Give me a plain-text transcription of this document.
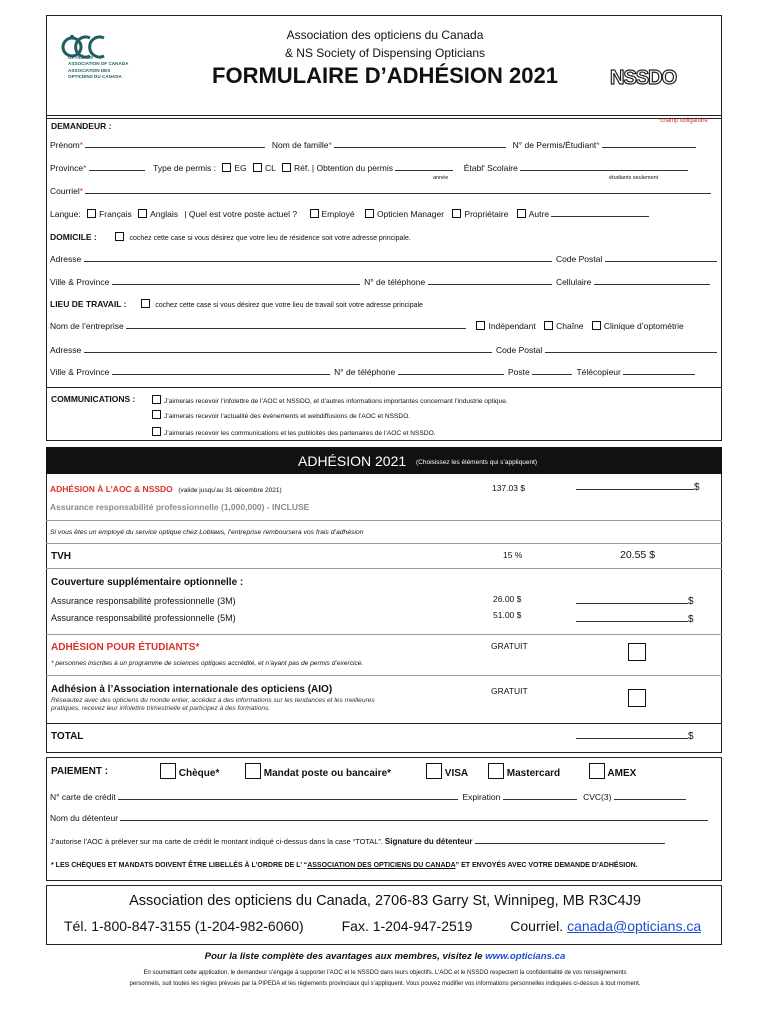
OPTICIANS
ASSOCIATION OF CANADA
ASSOCIATION DES
OPTICIENS DU CANADA
Association des opticiens du Canada
& NS Society of Dispensing Opticians
FORMULAIRE D’ADHÉSION 2021	NSSDO
DEMANDEUR :	*champ obligatoire
Prénom*	Nom de famille*	N° de Permis/Étudiant*
Province*	Type de permis : EG CL Réf. | Obtention du permis	Établ' Scolaire
année	étudiants seulement
Courriel*
Langue: Français Anglais | Quel est votre poste actuel ?	Employé	Opticien Manager Propriétaire Autre
DOMICILE :	cochez cette case si vous désirez que votre lieu de résidence soit votre adresse principale.
Adresse	Code Postal
Ville & Province	N° de téléphone	Cellulaire
LIEU DE TRAVAIL :	cochez cette case si vous désirez que votre lieu de travail soit votre adresse principale
Nom de l’entreprise	Indépendant Chaîne Clinique d’optométrie
Adresse	Code Postal
Ville & Province	N° de téléphone	Poste	Télécopieur
COMMUNICATIONS :	J’aimerais recevoir l’infolettre de l’AOC et NSSDO, et d’autres informations importantes concernant l’industrie optique.
J’aimerais recevoir l’actualité des événements et webdiffusions de l’AOC et NSSDO.
J’aimerais recevoir les communications et les publicités des partenaires de l’AOC et NSSDO.
ADHÉSION 2021 (Choisissez les éléments qui s’appliquent)
ADHÉSION À L’AOC & NSSDO (valide jusqu’au 31 décembre 2021)	137.03 $	$
Assurance responsabilité professionnelle (1,000,000) - INCLUSE
Si vous êtes un employé du service optique chez Loblaws, l’entreprise remboursera vos frais d’adhésion
TVH	15 %	20.55 $
Couverture supplémentaire optionnelle :
Assurance responsabilité professionnelle (3M)	26.00 $	$
Assurance responsabilité professionnelle (5M)	51.00 $	$
ADHÉSION POUR ÉTUDIANTS*	GRATUIT
* personnes inscrites à un programme de sciences optiques accrédité, et n’ayant pas de permis d’exercice.
Adhésion à l’Association internationale des opticiens (AIO)	GRATUIT
Réseautez avec des opticiens du monde entier, accédez à des informations sur les tendances et les meilleures
pratiques, recevez leur infolettre trimestrielle et participez à des formations.
TOTAL	$
PAIEMENT :	Chèque*	Mandat poste ou bancaire*	VISA	Mastercard	AMEX
N° carte de crédit	Expiration	CVC(3)
Nom du détenteur
J’autorise l’AOC à prélever sur ma carte de crédit le montant indiqué ci-dessus dans la case “TOTAL”. Signature du détenteur
* LES CHÈQUES ET MANDATS DOIVENT ÊTRE LIBELLÉS À L’ORDRE DE L’ “ASSOCIATION DES OPTICIENS DU CANADA” ET ENVOYÉS AVEC VOTRE DEMANDE D’ADHÉSION.
Association des opticiens du Canada, 2706-83 Garry St, Winnipeg, MB R3C4J9
Tél. 1-800-847-3155 (1-204-982-6060)	Fax. 1-204-947-2519	Courriel. canada@opticians.ca
Pour la liste complète des avantages aux membres, visitez le www.opticians.ca
En soumettant cette application, le demandeur s’engage à supporter l’AOC et le NSSDO dans leurs objectifs. L’AOC et le NSSDO respectent la confidentialité de vos renseignements
personnels, suit toutes les règles prévues par la PIPEDA et les règlements provinciaux qui s’appliquent. Vous pouvez modifier vos informations personnelles indiquées ci-dessus à tout moment.
